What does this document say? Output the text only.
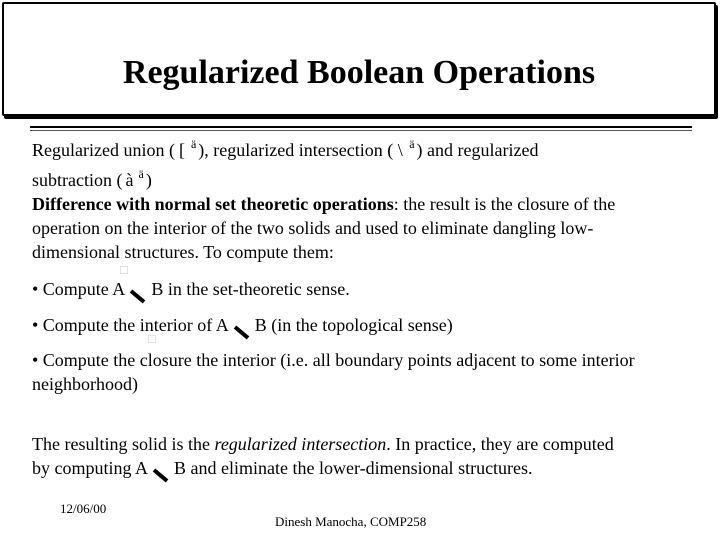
Regularized Boolean Operations

Regularized union ( [ $^ä$ ), regularized intersection ( \ $^ä$ ) and regularized

subtraction ( à $^ä$ )

Difference with normal set theoretic operations: the result is the closure of the operation on the interior of the two solids and used to eliminate dangling low-dimensional structures. To compute them:

□

• Compute A B in the set-theoretic sense.

• Compute the interior of A B (in the topological sense)

□

• Compute the closure the interior (i.e. all boundary points adjacent to some interior neighborhood)

The resulting solid is the regularized intersection. In practice, they are computed by computing A B and eliminate the lower-dimensional structures.

12/06/00
Dinesh Manocha, COMP258
